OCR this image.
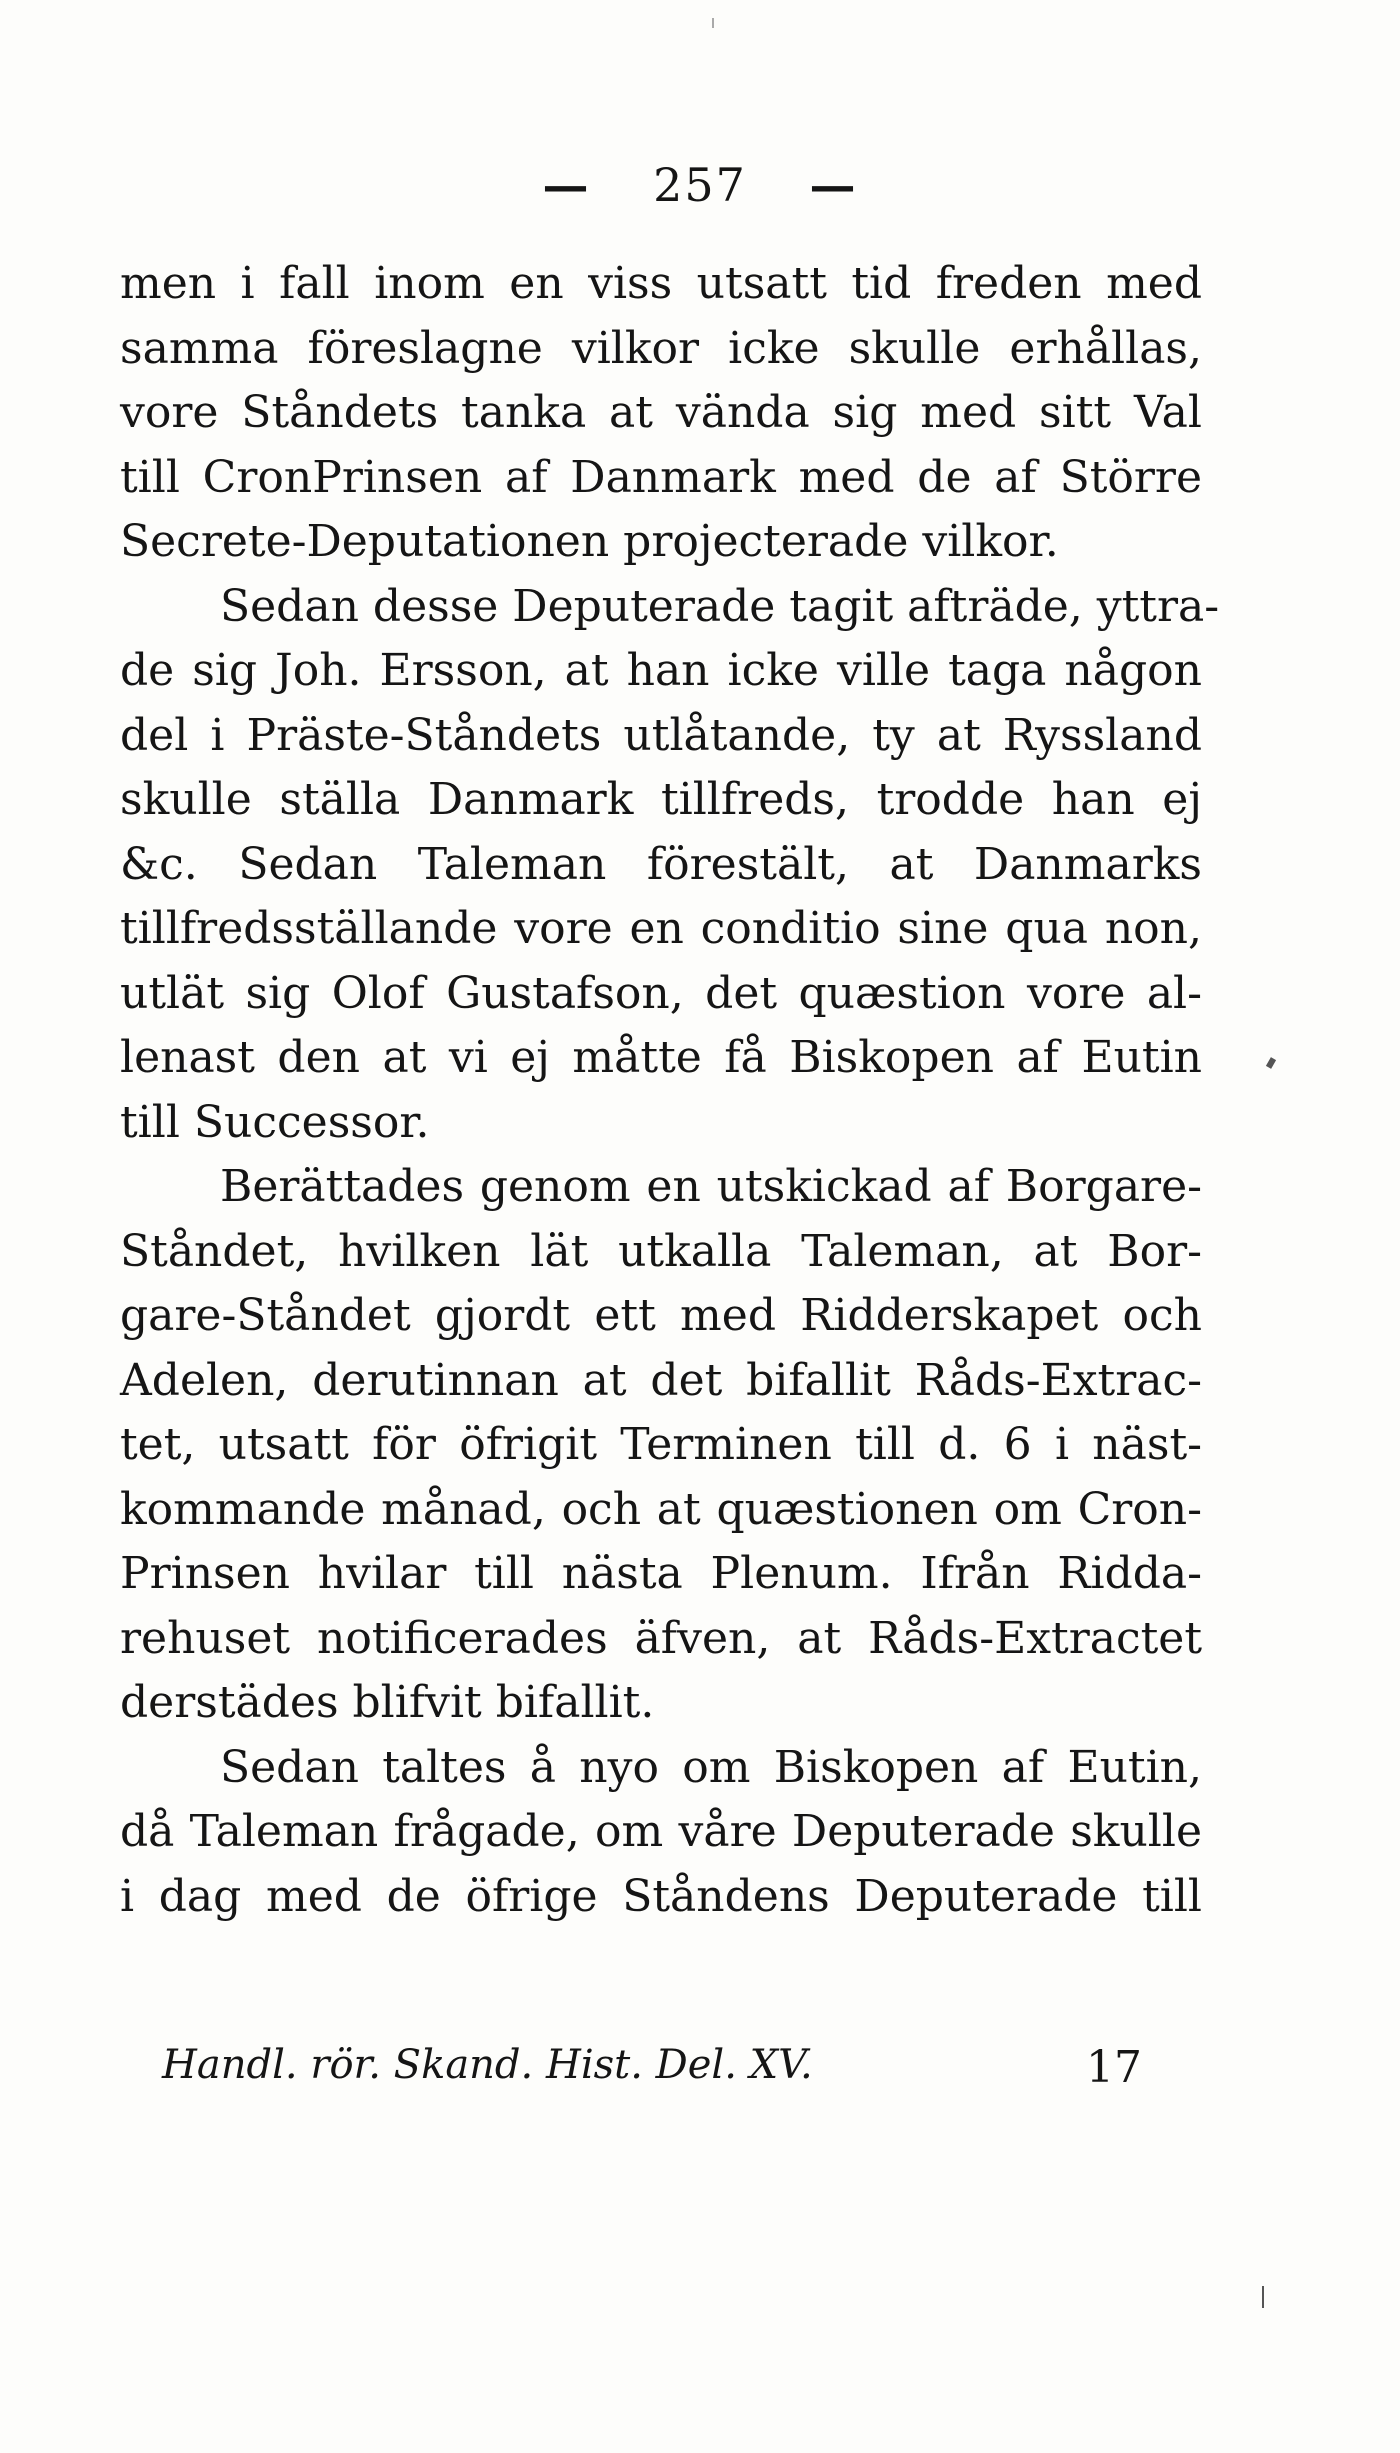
— 257 —
men i fall inom en viss utsatt tid freden med
samma föreslagne vilkor icke skulle erhållas,
vore Ståndets tanka at vända sig med sitt Val
till CronPrinsen af Danmark med de af Större
Secrete-Deputationen projecterade vilkor.
Sedan desse Deputerade tagit afträde, yttra-
de sig Joh. Ersson, at han icke ville taga någon
del i Präste-Ståndets utlåtande, ty at Ryssland
skulle ställa Danmark tillfreds, trodde han ej
&c. Sedan Taleman förestält, at Danmarks
tillfredsställande vore en conditio sine qua non,
utlät sig Olof Gustafson, det quæstion vore al-
lenast den at vi ej måtte få Biskopen af Eutin
till Successor.
Berättades genom en utskickad af Borgare-
Ståndet, hvilken lät utkalla Taleman, at Bor-
gare-Ståndet gjordt ett med Ridderskapet och
Adelen, derutinnan at det bifallit Råds-Extrac-
tet, utsatt för öfrigit Terminen till d. 6 i näst-
kommande månad, och at quæstionen om Cron-
Prinsen hvilar till nästa Plenum. Ifrån Ridda-
rehuset notificerades äfven, at Råds-Extractet
derstädes blifvit bifallit.
Sedan taltes å nyo om Biskopen af Eutin,
då Taleman frågade, om våre Deputerade skulle
i dag med de öfrige Ståndens Deputerade till
Handl. rör. Skand. Hist. Del. XV.	17
